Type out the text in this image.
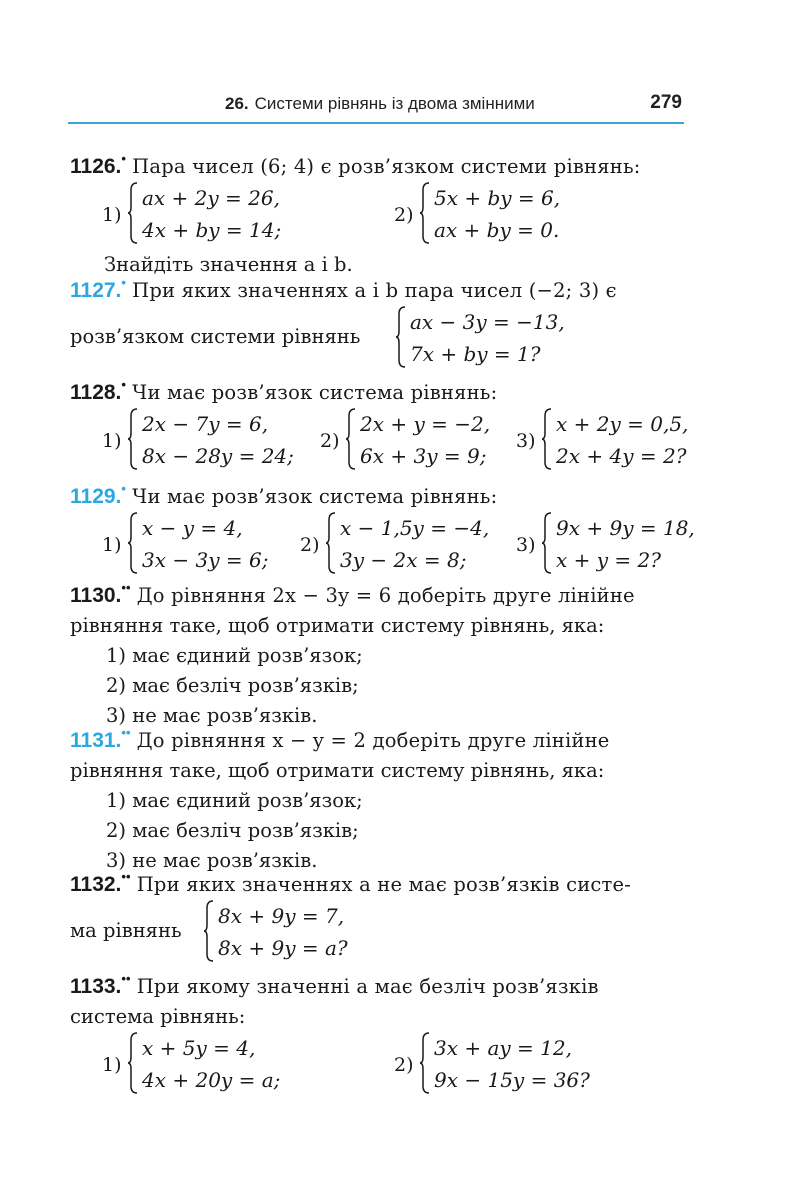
26. Системи рівнянь із двома змінними	279
1126.• Пара чисел (6; 4) є розв’язком системи рівнянь:
1)
ax + 2y = 26,
4x + by = 14;
2)
5x + by = 6,
ax + by = 0.
Знайдіть значення a і b.
1127.• При яких значеннях a і b пара чисел (−2; 3) є
розв’язком системи рівнянь
ax − 3y = −13,
7x + by = 1?
1128.• Чи має розв’язок система рівнянь:
1)
2x − 7y = 6,
8x − 28y = 24;
2)
2x + y = −2,
6x + 3y = 9;
3)
x + 2y = 0,5,
2x + 4y = 2?
1129.• Чи має розв’язок система рівнянь:
1)
x − y = 4,
3x − 3y = 6;
2)
x − 1,5y = −4,
3y − 2x = 8;
3)
9x + 9y = 18,
x + y = 2?
1130.•• До рівняння 2x − 3y = 6 доберіть друге лінійне
рівняння таке, щоб отримати систему рівнянь, яка:
1) має єдиний розв’язок;
2) має безліч розв’язків;
3) не має розв’язків.
1131.•• До рівняння x − y = 2 доберіть друге лінійне
рівняння таке, щоб отримати систему рівнянь, яка:
1) має єдиний розв’язок;
2) має безліч розв’язків;
3) не має розв’язків.
1132.•• При яких значеннях a не має розв’язків систе-
ма рівнянь
8x + 9y = 7,
8x + 9y = a?
1133.•• При якому значенні a має безліч розв’язків
система рівнянь:
1)
x + 5y = 4,
4x + 20y = a;
2)
3x + ay = 12,
9x − 15y = 36?
